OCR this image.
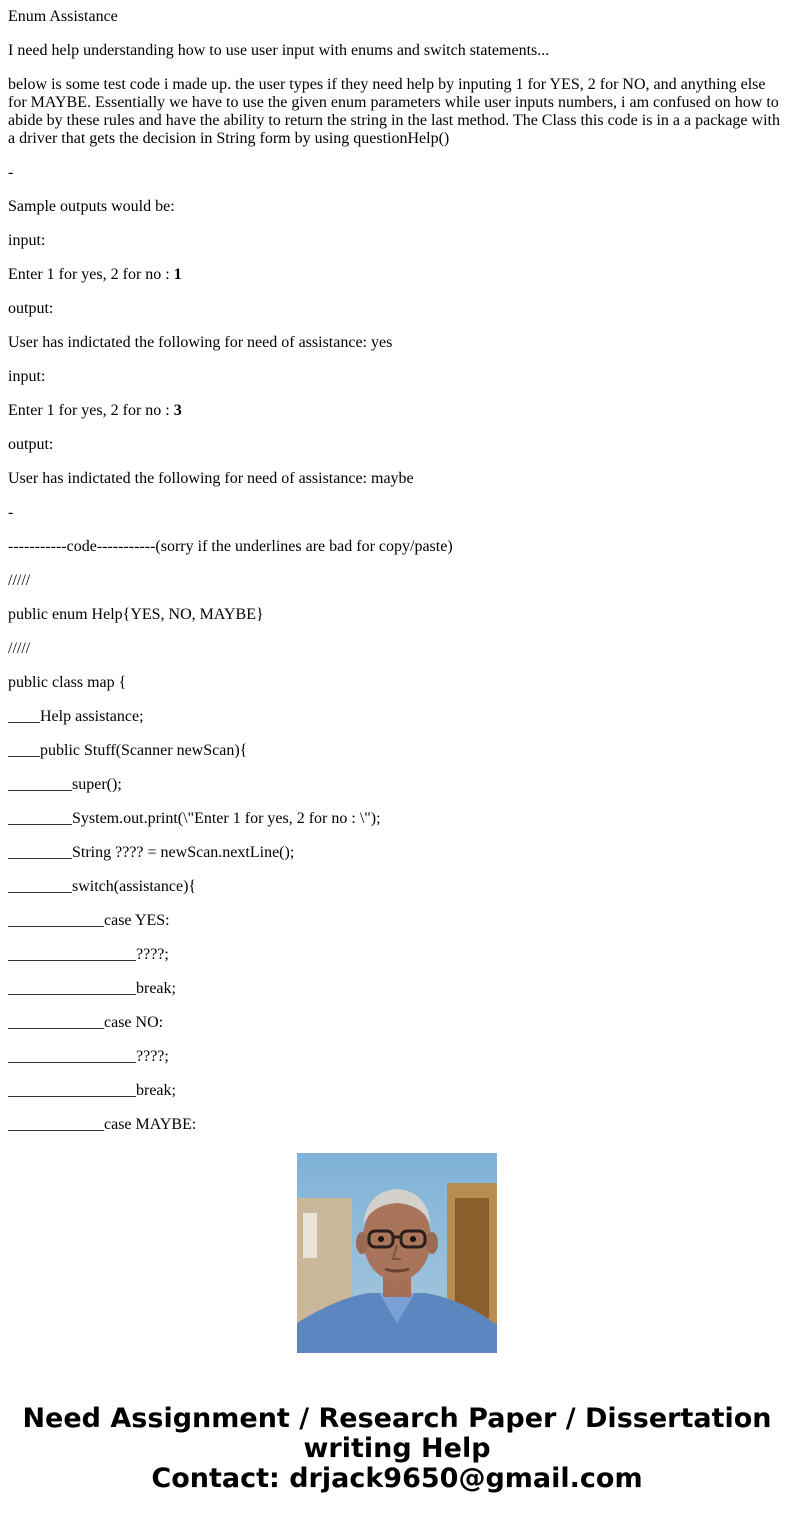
Enum Assistance

I need help understanding how to use user input with enums and switch statements...

below is some test code i made up. the user types if they need help by inputing 1 for YES, 2 for NO, and anything else for MAYBE. Essentially we have to use the given enum parameters while user inputs numbers, i am confused on how to abide by these rules and have the ability to return the string in the last method. The Class this code is in a a package with a driver that gets the decision in String form by using questionHelp()

-

Sample outputs would be:

input:

Enter 1 for yes, 2 for no : 1

output:

User has indictated the following for need of assistance: yes

input:

Enter 1 for yes, 2 for no : 3

output:

User has indictated the following for need of assistance: maybe

-

-----------code-----------(sorry if the underlines are bad for copy/paste)

/////

public enum Help{YES, NO, MAYBE}

/////

public class map {

____Help assistance;

____public Stuff(Scanner newScan){

________super();

________System.out.print(\"Enter 1 for yes, 2 for no : \");

________String ???? = newScan.nextLine();

________switch(assistance){

____________case YES:

________________????;

________________break;

____________case NO:

________________????;

________________break;

____________case MAYBE:

Need Assignment / Research Paper / Dissertation
writing Help
Contact: drjack9650@gmail.com
